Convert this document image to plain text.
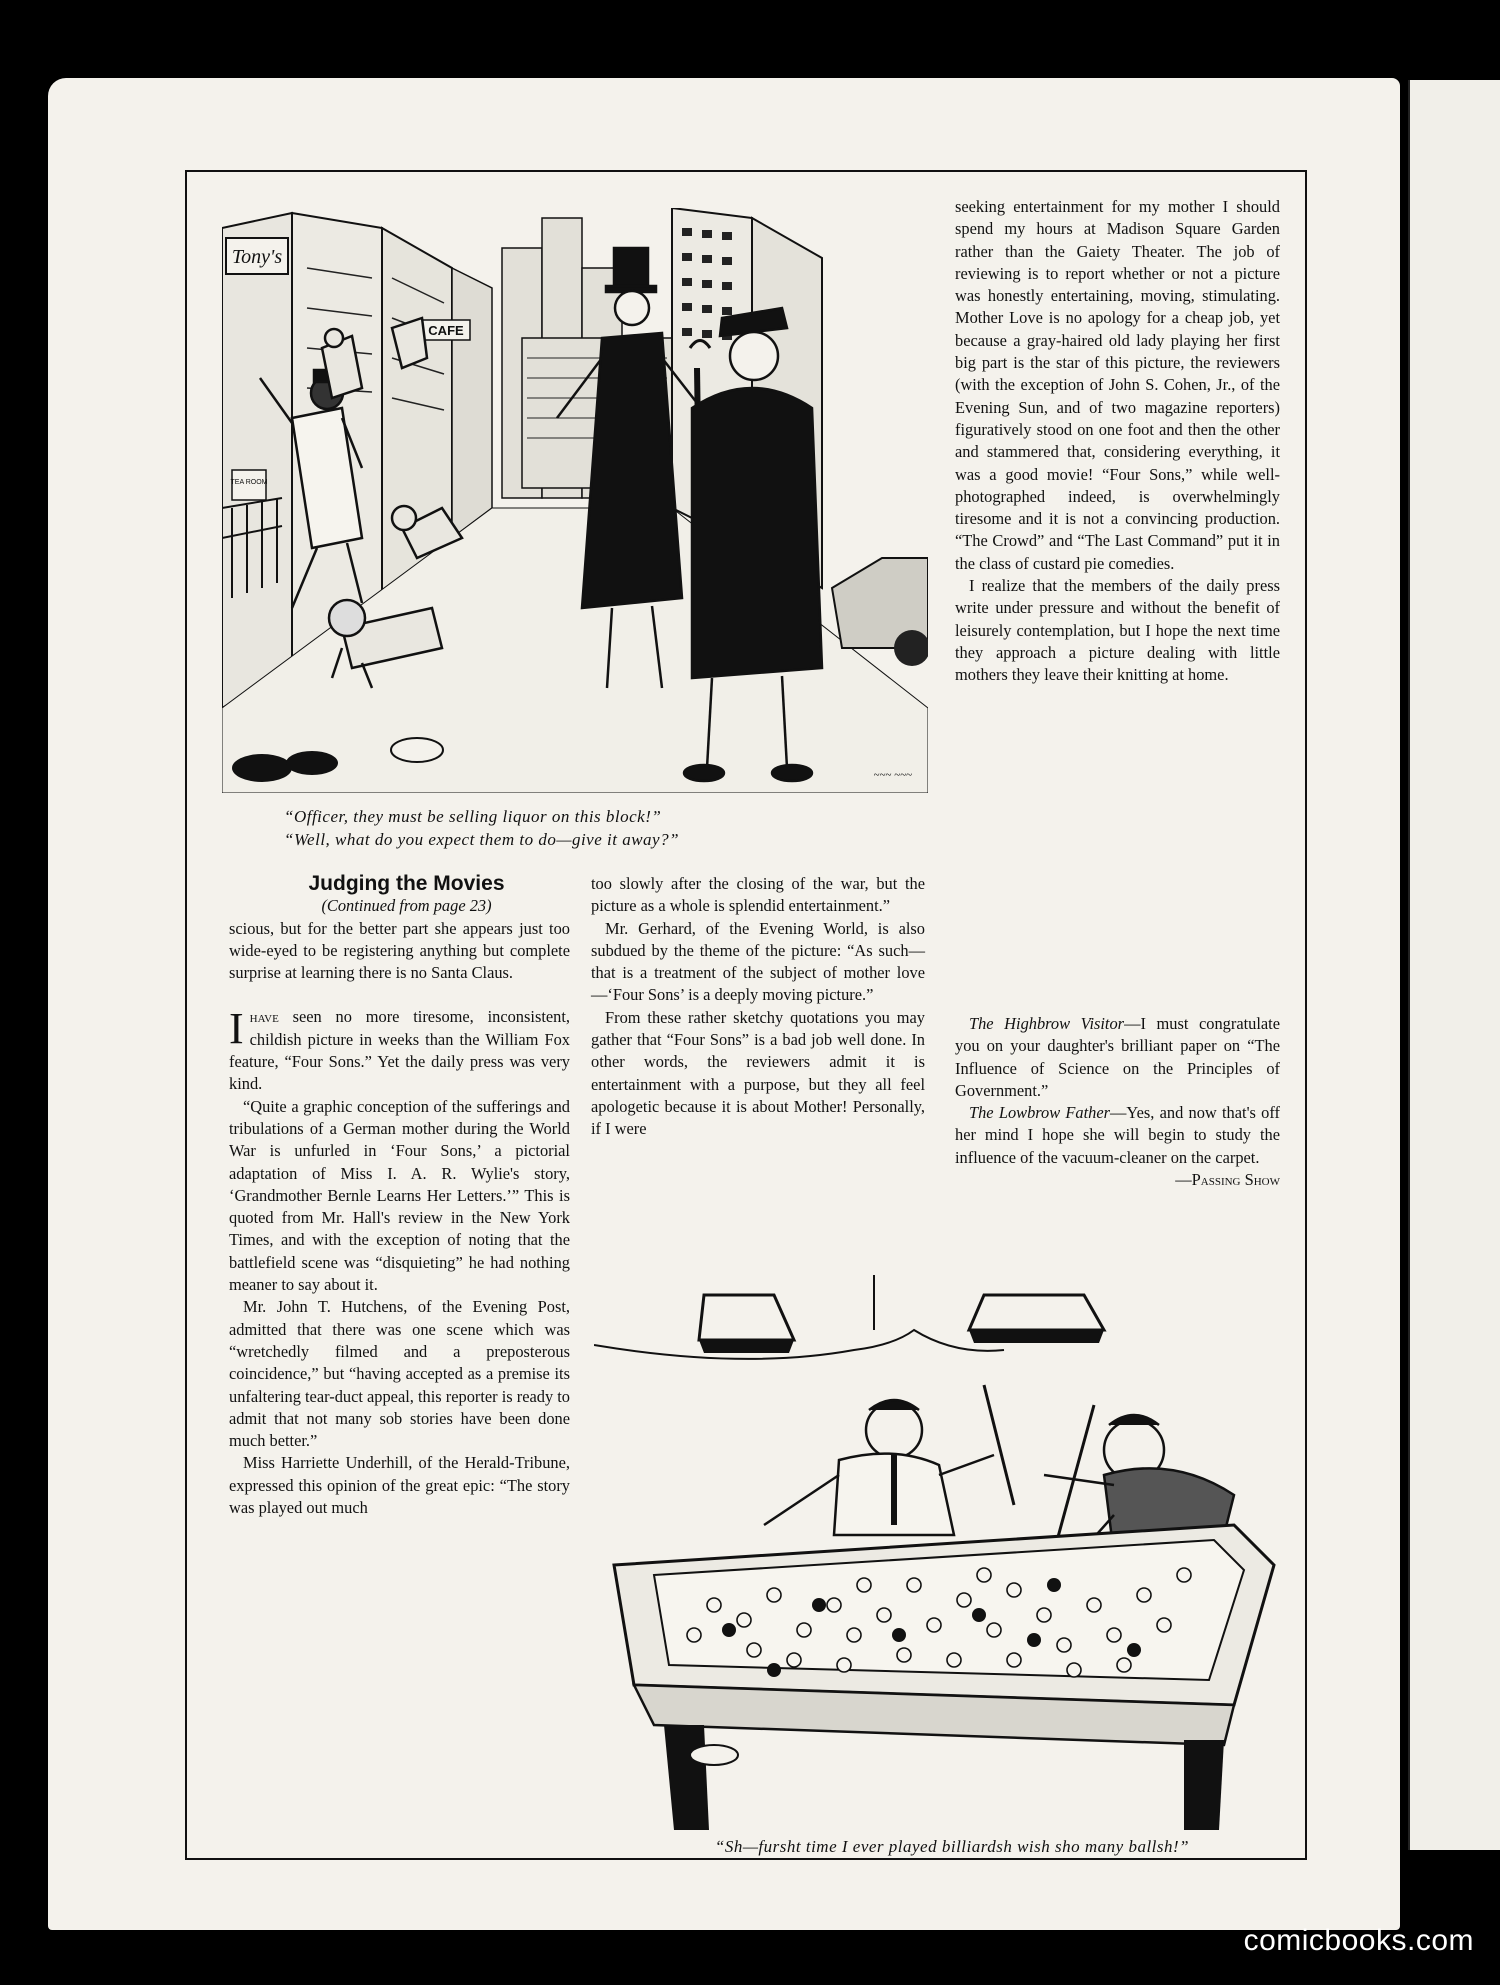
Tony's
CAFE
TEA ROOM
~~~ ~~~
“Officer, they must be selling liquor on this block!”
“Well, what do you expect them to do—give it away?”

Judging the Movies

(Continued from page 23)

scious, but for the better part she appears just too wide-eyed to be registering anything but complete surprise at learning there is no Santa Claus.

Ihave seen no more tiresome, inconsistent, childish picture in weeks than the William Fox feature, “Four Sons.” Yet the daily press was very kind.

“Quite a graphic conception of the sufferings and tribulations of a German mother during the World War is unfurled in ‘Four Sons,’ a pictorial adaptation of Miss I. A. R. Wylie's story, ‘Grandmother Bernle Learns Her Letters.’” This is quoted from Mr. Hall's review in the New York Times, and with the exception of noting that the battlefield scene was “disquieting” he had nothing meaner to say about it.

Mr. John T. Hutchens, of the Evening Post, admitted that there was one scene which was “wretchedly filmed and a preposterous coincidence,” but “having accepted as a premise its unfaltering tear-duct appeal, this reporter is ready to admit that not many sob stories have been done much better.”

Miss Harriette Underhill, of the Herald-Tribune, expressed this opinion of the great epic: “The story was played out much

too slowly after the closing of the war, but the picture as a whole is splendid entertainment.”

Mr. Gerhard, of the Evening World, is also subdued by the theme of the picture: “As such—that is a treatment of the subject of mother love—‘Four Sons’ is a deeply moving picture.”

From these rather sketchy quotations you may gather that “Four Sons” is a bad job well done. In other words, the reviewers admit it is entertainment with a purpose, but they all feel apologetic because it is about Mother! Personally, if I were

seeking entertainment for my mother I should spend my hours at Madison Square Garden rather than the Gaiety Theater. The job of reviewing is to report whether or not a picture was honestly entertaining, moving, stimulating. Mother Love is no apology for a cheap job, yet because a gray-haired old lady playing her first big part is the star of this picture, the reviewers (with the exception of John S. Cohen, Jr., of the Evening Sun, and of two magazine reporters) figuratively stood on one foot and then the other and stammered that, considering everything, it was a good movie! “Four Sons,” while well-photographed indeed, is overwhelmingly tiresome and it is not a convincing production. “The Crowd” and “The Last Command” put it in the class of custard pie comedies.

I realize that the members of the daily press write under pressure and without the benefit of leisurely contemplation, but I hope the next time they approach a picture dealing with little mothers they leave their knitting at home.

The Highbrow Visitor—I must congratulate you on your daughter's brilliant paper on “The Influence of Science on the Principles of Government.”

The Lowbrow Father—Yes, and now that's off her mind I hope she will begin to study the influence of the vacuum-cleaner on the carpet.

—Passing Show

“Sh—fursht time I ever played billiardsh wish sho many ballsh!”
comicbooks.com
